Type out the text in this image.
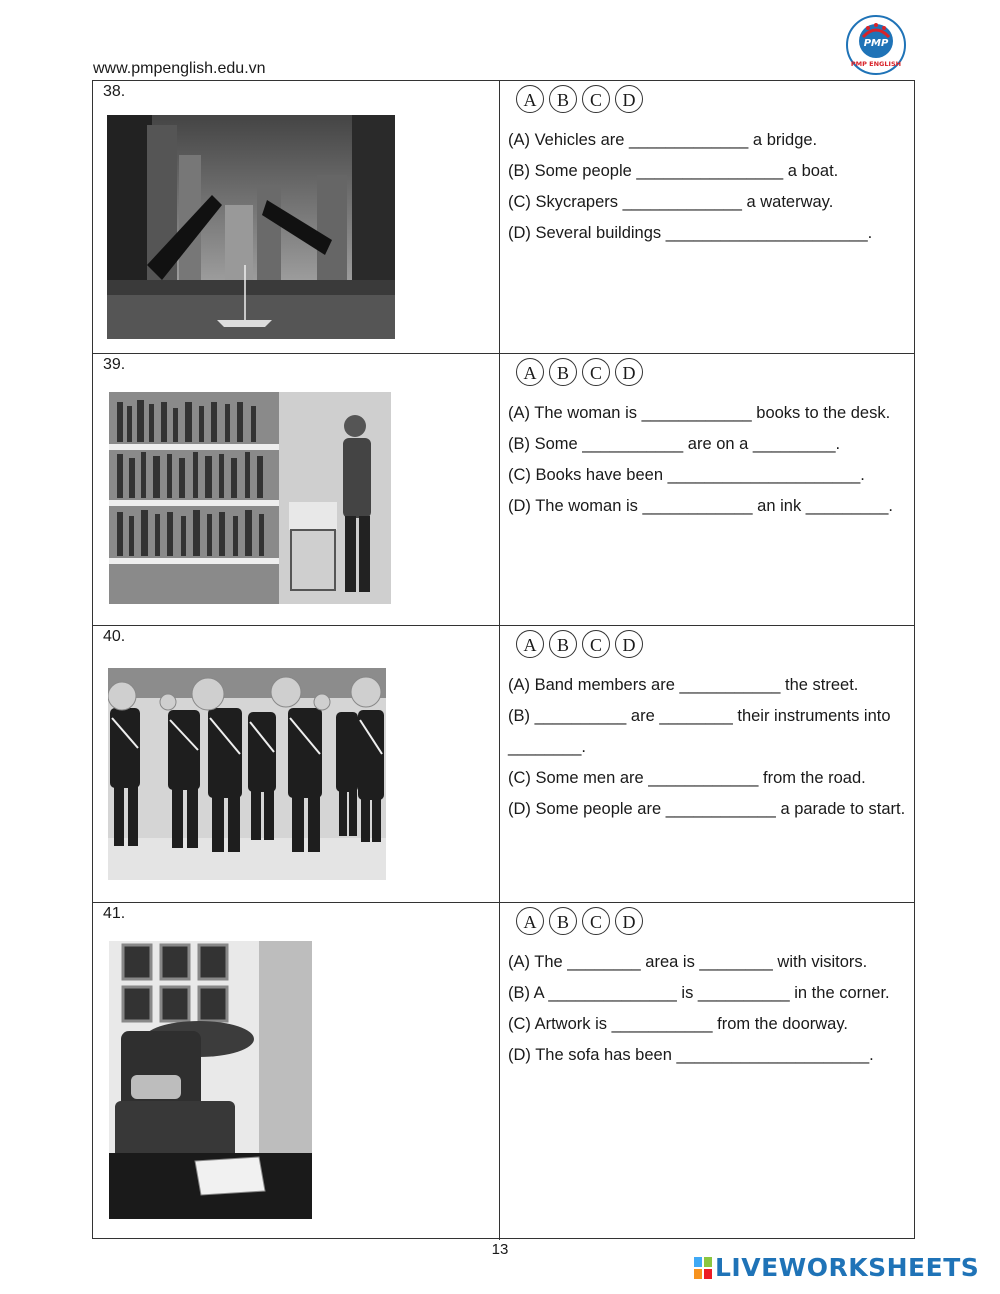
www.pmpenglish.edu.vn
PMP
PMP ENGLISH
38.	A	B	C	D
(A) Vehicles are _____________ a bridge.
(B) Some people ________________ a boat.
(C) Skycrapers _____________ a waterway.
(D) Several buildings ______________________.
39.	A	B	C	D
(A) The woman is ____________ books to the desk.
(B) Some ___________ are on a _________.
(C) Books have been _____________________.
(D) The woman is ____________ an ink _________.
40.	A	B	C	D
(A) Band members are ___________ the street.
(B) __________ are ________ their instruments into ________.
(C) Some men are ____________ from the road.
(D) Some people are ____________ a parade to start.
41.	A	B	C	D
(A) The ________ area is ________ with visitors.
(B) A ______________ is __________ in the corner.
(C) Artwork is ___________ from the doorway.
(D) The sofa has been _____________________.
13
LIVEWORKSHEETS
